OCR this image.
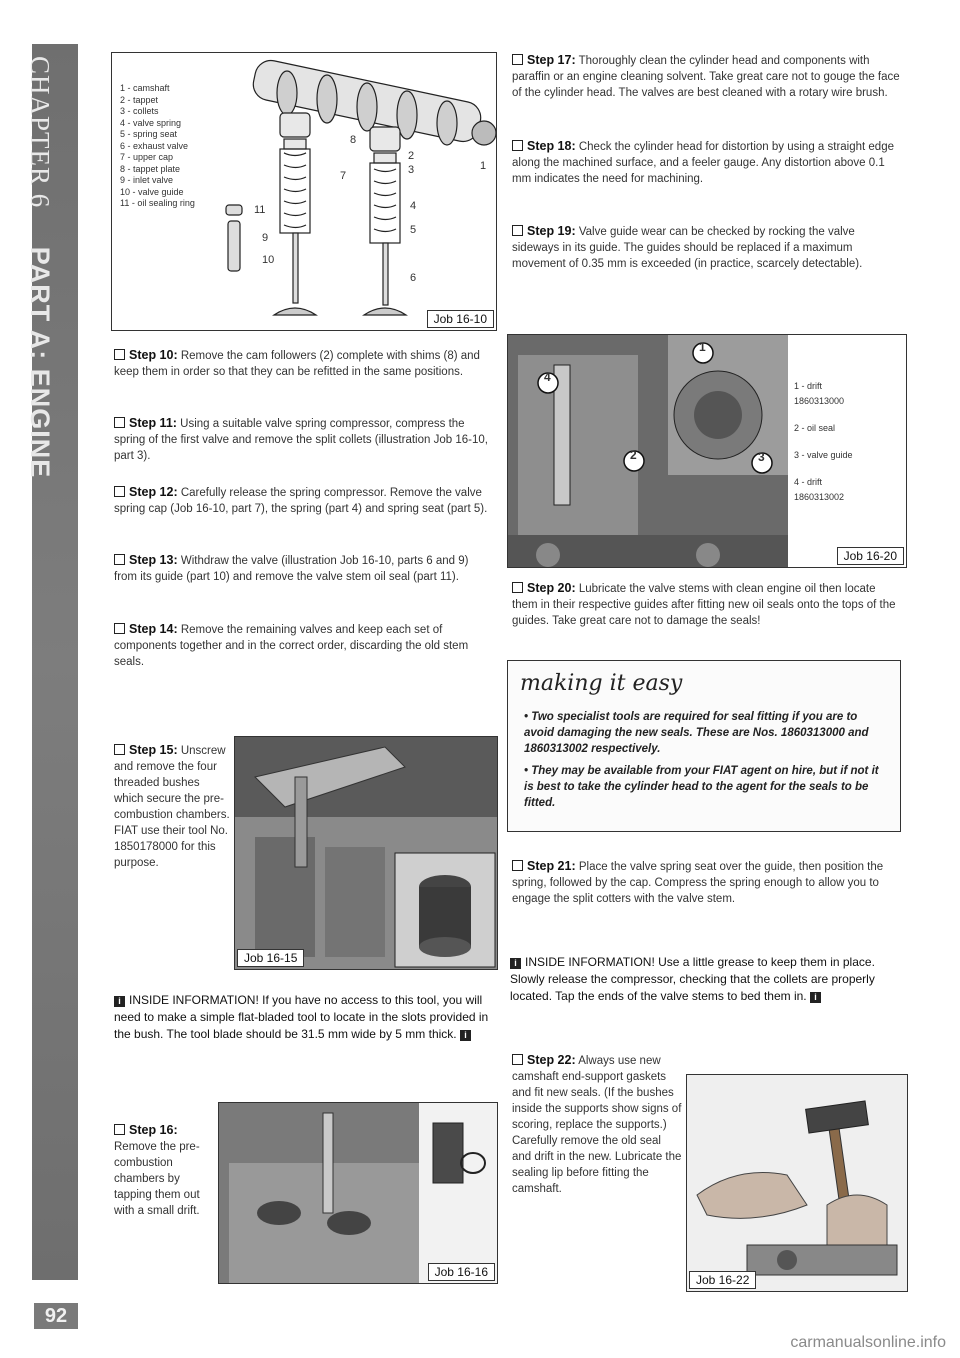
CHAPTER 6 PART A: ENGINE
92
carmanualsonline.info
1 - camshaft
2 - tappet
3 - collets
4 - valve spring
5 - spring seat
6 - exhaust valve
7 - upper cap
8 - tappet plate
9 - inlet valve
10 - valve guide
11 - oil sealing ring
1
2
3
4
5
6
7
8
9
10
11
Job 16-10
Step 10: Remove the cam followers (2) complete with shims (8) and keep them in order so that they can be refitted in the same positions.
Step 11: Using a suitable valve spring compressor, compress the spring of the first valve and remove the split collets (illustration Job 16-10, part 3).
Step 12: Carefully release the spring compressor. Remove the valve spring cap (Job 16-10, part 7), the spring (part 4) and spring seat (part 5).
Step 13: Withdraw the valve (illustration Job 16-10, parts 6 and 9) from its guide (part 10) and remove the valve stem oil seal (part 11).
Step 14: Remove the remaining valves and keep each set of components together and in the correct order, discarding the old stem seals.
Step 15: Unscrew and remove the four threaded bushes which secure the pre-combustion chambers. FIAT use their tool No. 1850178000 for this purpose.
Job 16-15
i INSIDE INFORMATION! If you have no access to this tool, you will need to make a simple flat-bladed tool to locate in the slots provided in the bush. The tool blade should be 31.5 mm wide by 5 mm thick. i
Step 16: Remove the pre-combustion chambers by tapping them out with a small drift.
Job 16-16
Step 17: Thoroughly clean the cylinder head and components with paraffin or an engine cleaning solvent. Take great care not to gouge the face of the cylinder head. The valves are best cleaned with a rotary wire brush.
Step 18: Check the cylinder head for distortion by using a straight edge along the machined surface, and a feeler gauge. Any distortion above 0.1 mm indicates the need for machining.
Step 19: Valve guide wear can be checked by rocking the valve sideways in its guide. The guides should be replaced if a maximum movement of 0.35 mm is exceeded (in practice, scarcely detectable).
1
2	3
4
1 - drift 1860313000
2 - oil seal
3 - valve guide
4 - drift 1860313002
Job 16-20
Step 20: Lubricate the valve stems with clean engine oil then locate them in their respective guides after fitting new oil seals onto the tops of the guides. Take great care not to damage the seals!
making it easy
• Two specialist tools are required for seal fitting if you are to avoid damaging the new seals. These are Nos. 1860313000 and 1860313002 respectively.
• They may be available from your FIAT agent on hire, but if not it is best to take the cylinder head to the agent for the seals to be fitted.
Step 21: Place the valve spring seat over the guide, then position the spring, followed by the cap. Compress the spring enough to allow you to engage the split cotters with the valve stem.
i INSIDE INFORMATION! Use a little grease to keep them in place. Slowly release the compressor, checking that the collets are properly located. Tap the ends of the valve stems to bed them in. i
Step 22: Always use new camshaft end-support gaskets and fit new seals. (If the bushes inside the supports show signs of scoring, replace the supports.) Carefully remove the old seal and drift in the new. Lubricate the sealing lip before fitting the camshaft.
Job 16-22
